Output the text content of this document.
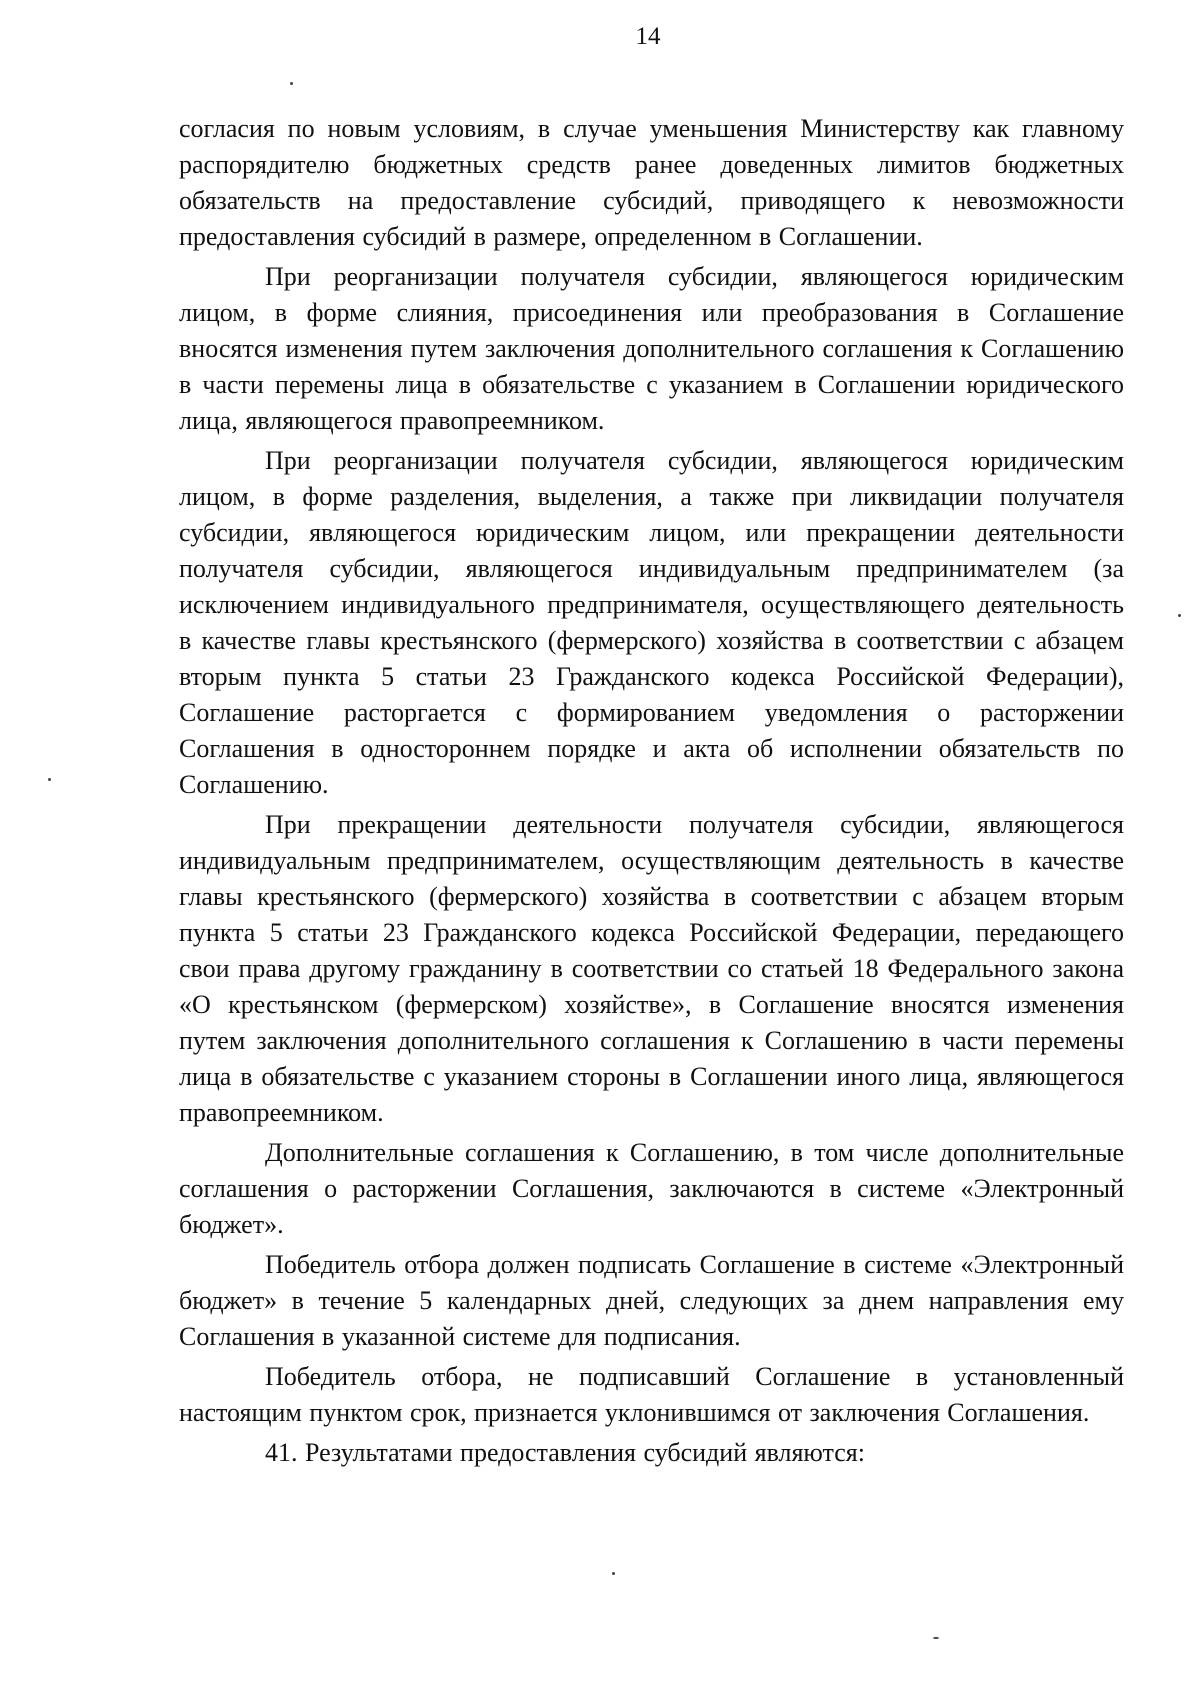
14

согласия по новым условиям, в случае уменьшения Министерству как главному распорядителю бюджетных средств ранее доведенных лимитов бюджетных обязательств на предоставление субсидий, приводящего к невозможности предоставления субсидий в размере, определенном в Соглашении.

При реорганизации получателя субсидии, являющегося юридическим лицом, в форме слияния, присоединения или преобразования в Соглашение вносятся изменения путем заключения дополнительного соглашения к Соглашению в части перемены лица в обязательстве с указанием в Соглашении юридического лица, являющегося правопреемником.

При реорганизации получателя субсидии, являющегося юридическим лицом, в форме разделения, выделения, а также при ликвидации получателя субсидии, являющегося юридическим лицом, или прекращении деятельности получателя субсидии, являющегося индивидуальным предпринимателем (за исключением индивидуального предпринимателя, осуществляющего деятельность в качестве главы крестьянского (фермерского) хозяйства в соответствии с абзацем вторым пункта 5 статьи 23 Гражданского кодекса Российской Федерации), Соглашение расторгается с формированием уведомления о расторжении Соглашения в одностороннем порядке и акта об исполнении обязательств по Соглашению.

При прекращении деятельности получателя субсидии, являющегося индивидуальным предпринимателем, осуществляющим деятельность в качестве главы крестьянского (фермерского) хозяйства в соответствии с абзацем вторым пункта 5 статьи 23 Гражданского кодекса Российской Федерации, передающего свои права другому гражданину в соответствии со статьей 18 Федерального закона «О крестьянском (фермерском) хозяйстве», в Соглашение вносятся изменения путем заключения дополнительного соглашения к Соглашению в части перемены лица в обязательстве с указанием стороны в Соглашении иного лица, являющегося правопреемником.

Дополнительные соглашения к Соглашению, в том числе дополнительные соглашения о расторжении Соглашения, заключаются в системе «Электронный бюджет».

Победитель отбора должен подписать Соглашение в системе «Электронный бюджет» в течение 5 календарных дней, следующих за днем направления ему Соглашения в указанной системе для подписания.

Победитель отбора, не подписавший Соглашение в установленный настоящим пунктом срок, признается уклонившимся от заключения Соглашения.

41. Результатами предоставления субсидий являются:
